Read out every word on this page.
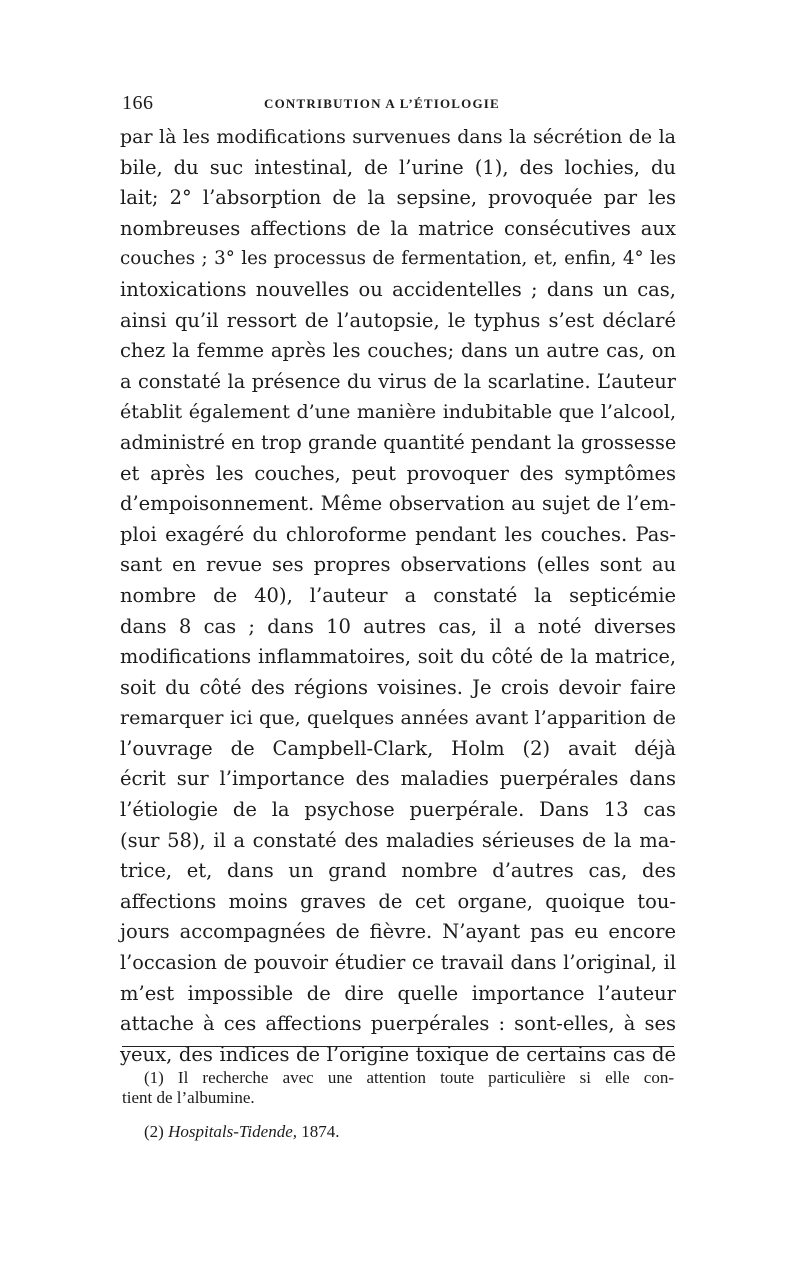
166	CONTRIBUTION A L’ÉTIOLOGIE
par là les modifications survenues dans la sécrétion de la
bile, du suc intestinal, de l’urine (1), des lochies, du
lait; 2° l’absorption de la sepsine, provoquée par les
nombreuses affections de la matrice consécutives aux
couches ; 3° les processus de fermentation, et, enfin, 4° les
intoxications nouvelles ou accidentelles ; dans un cas,
ainsi qu’il ressort de l’autopsie, le typhus s’est déclaré
chez la femme après les couches; dans un autre cas, on
a constaté la présence du virus de la scarlatine. L’auteur
établit également d’une manière indubitable que l’alcool,
administré en trop grande quantité pendant la grossesse
et après les couches, peut provoquer des symptômes
d’empoisonnement. Même observation au sujet de l’em-
ploi exagéré du chloroforme pendant les couches. Pas-
sant en revue ses propres observations (elles sont au
nombre de 40), l’auteur a constaté la septicémie
dans 8 cas ; dans 10 autres cas, il a noté diverses
modifications inflammatoires, soit du côté de la matrice,
soit du côté des régions voisines. Je crois devoir faire
remarquer ici que, quelques années avant l’apparition de
l’ouvrage de Campbell-Clark, Holm (2) avait déjà
écrit sur l’importance des maladies puerpérales dans
l’étiologie de la psychose puerpérale. Dans 13 cas
(sur 58), il a constaté des maladies sérieuses de la ma-
trice, et, dans un grand nombre d’autres cas, des
affections moins graves de cet organe, quoique tou-
jours accompagnées de fièvre. N’ayant pas eu encore
l’occasion de pouvoir étudier ce travail dans l’original, il
m’est impossible de dire quelle importance l’auteur
attache à ces affections puerpérales : sont-elles, à ses
yeux, des indices de l’origine toxique de certains cas de
(1) Il recherche avec une attention toute particulière si elle con-
tient de l’albumine.
(2) Hospitals-Tidende, 1874.
